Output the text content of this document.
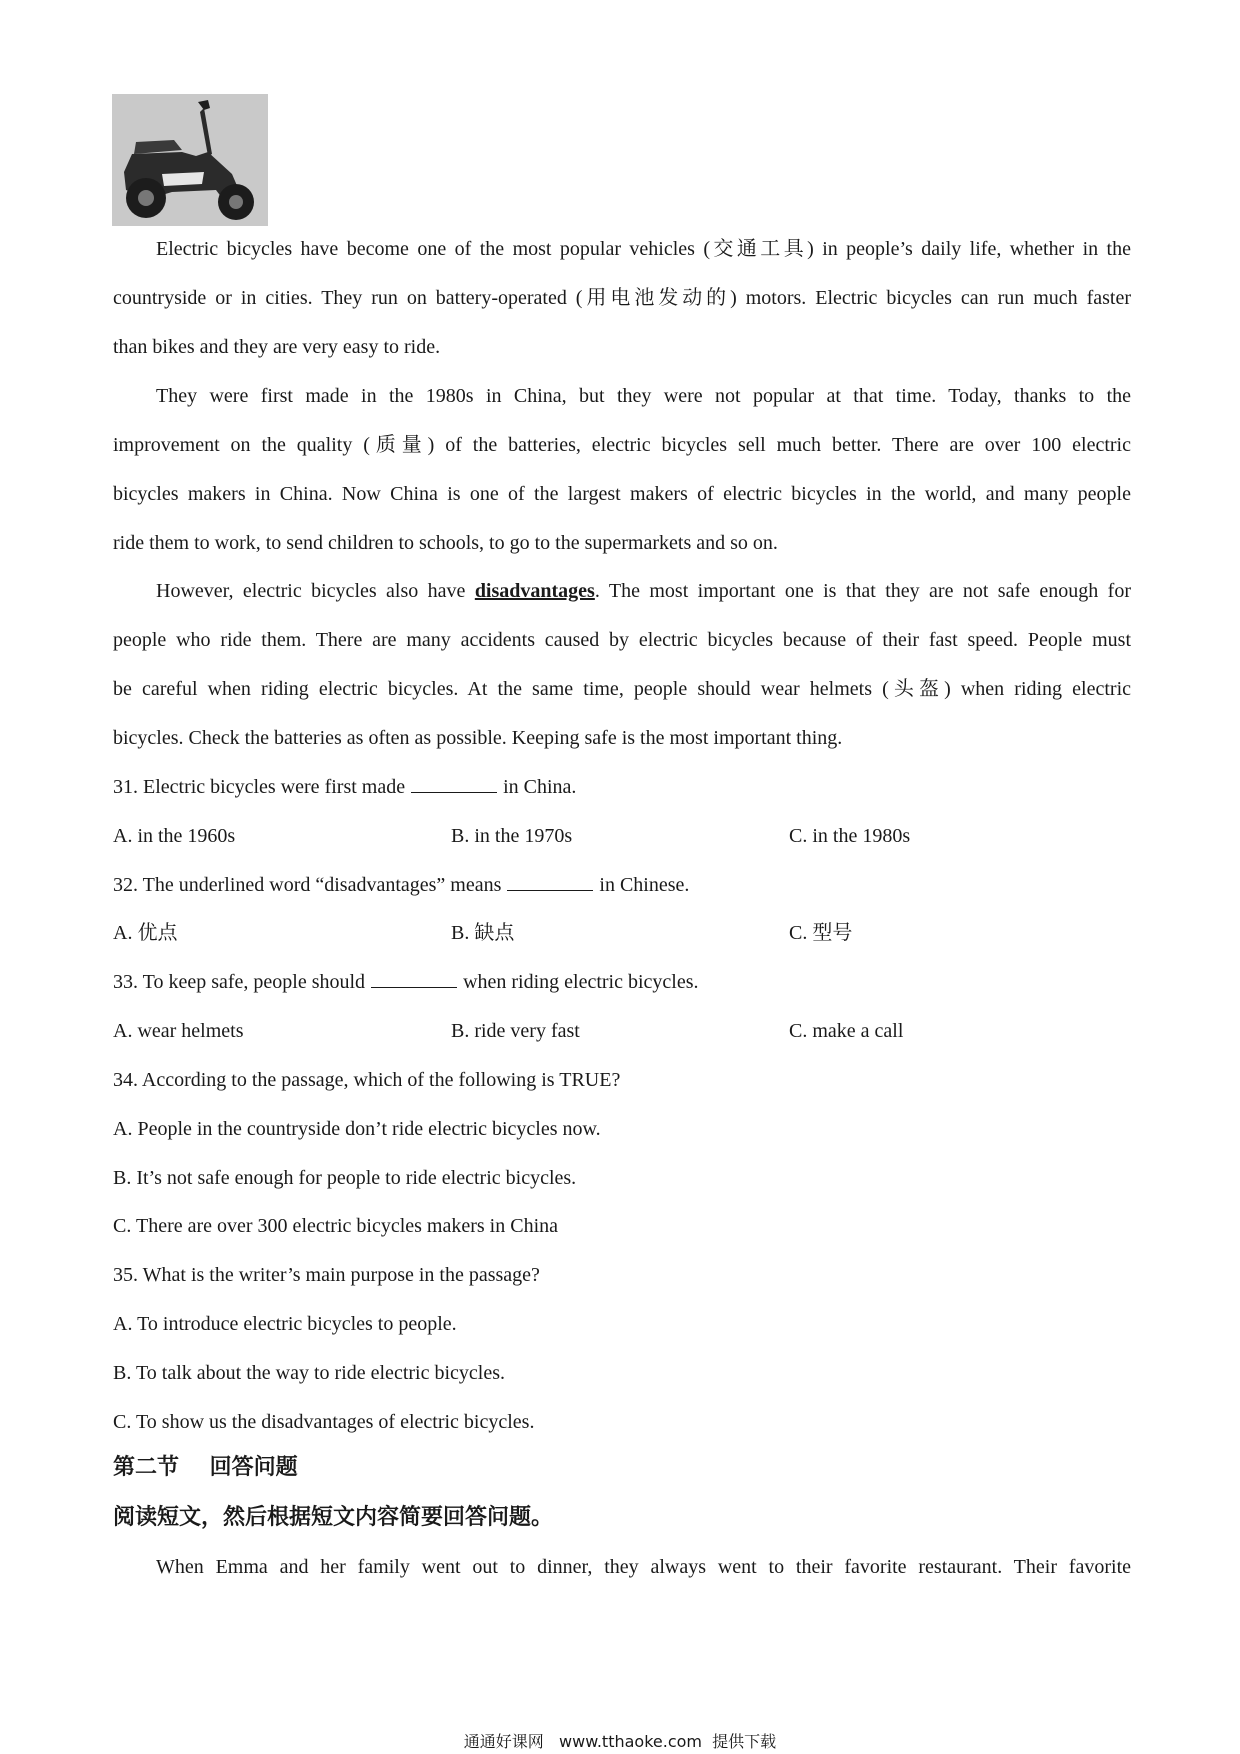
Electric bicycles have become one of the most popular vehicles (交通工具) in people’s daily life, whether in the
countryside or in cities. They run on battery-operated (用电池发动的) motors. Electric bicycles can run much faster
than bikes and they are very easy to ride.
They were first made in the 1980s in China, but they were not popular at that time. Today, thanks to the
improvement on the quality (质量) of the batteries, electric bicycles sell much better. There are over 100 electric
bicycles makers in China. Now China is one of the largest makers of electric bicycles in the world, and many people
ride them to work, to send children to schools, to go to the supermarkets and so on.
However, electric bicycles also have disadvantages. The most important one is that they are not safe enough for
people who ride them. There are many accidents caused by electric bicycles because of their fast speed. People must
be careful when riding electric bicycles. At the same time, people should wear helmets (头盔) when riding electric
bicycles. Check the batteries as often as possible. Keeping safe is the most important thing.
31. Electric bicycles were first made	in China.
A. in the 1960s	B. in the 1970s	C. in the 1980s
32. The underlined word “disadvantages” means	in Chinese.
A. 优点	B. 缺点	C. 型号
33. To keep safe, people should	when riding electric bicycles.
A. wear helmets	B. ride very fast	C. make a call
34. According to the passage, which of the following is TRUE?
A. People in the countryside don’t ride electric bicycles now.
B. It’s not safe enough for people to ride electric bicycles.
C. There are over 300 electric bicycles makers in China
35. What is the writer’s main purpose in the passage?
A. To introduce electric bicycles to people.
B. To talk about the way to ride electric bicycles.
C. To show us the disadvantages of electric bicycles.
第二节    回答问题
阅读短文，然后根据短文内容简要回答问题。
When Emma and her family went out to dinner, they always went to their favorite restaurant. Their favorite
通通好课网   www.tthaoke.com  提供下载
